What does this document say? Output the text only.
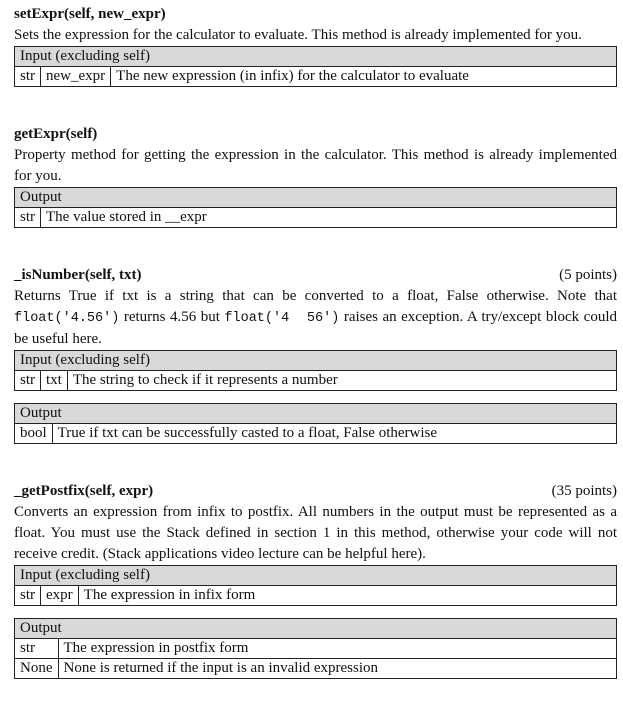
setExpr(self, new_expr)
Sets the expression for the calculator to evaluate. This method is already implemented for you.
Input (excluding self)
str	new_expr	The new expression (in infix) for the calculator to evaluate
getExpr(self)
Property method for getting the expression in the calculator. This method is already implemented for you.
Output
str	The value stored in __expr
_isNumber(self, txt)	(5 points)
Returns True if txt is a string that can be converted to a float, False otherwise. Note that float('4.56') returns 4.56 but float('4  56') raises an exception. A try/except block could be useful here.
Input (excluding self)
str	txt	The string to check if it represents a number
Output
bool	True if txt can be successfully casted to a float, False otherwise
_getPostfix(self, expr)	(35 points)
Converts an expression from infix to postfix. All numbers in the output must be represented as a float. You must use the Stack defined in section 1 in this method, otherwise your code will not receive credit. (Stack applications video lecture can be helpful here).
Input (excluding self)
str	expr	The expression in infix form
Output	
str	The expression in postfix form
None	None is returned if the input is an invalid expression
